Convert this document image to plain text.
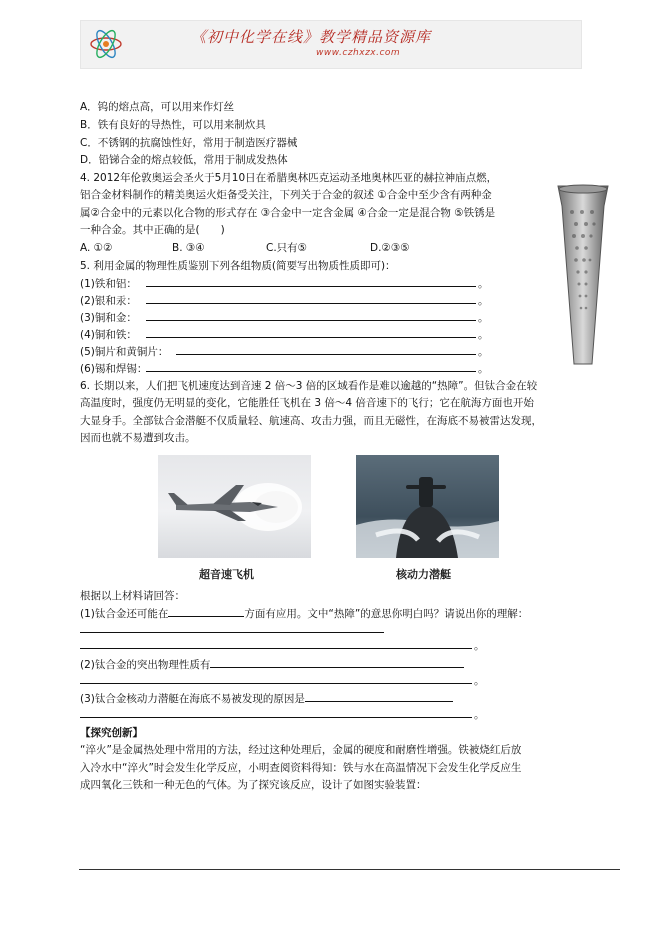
《初中化学在线》教学精品资源库
www.czhxzx.com
A．钨的熔点高，可以用来作灯丝
B．铁有良好的导热性，可以用来制炊具
C．不锈钢的抗腐蚀性好，常用于制造医疗器械
D．铅锑合金的熔点较低，常用于制成发热体
4. 2012年伦敦奥运会圣火于5月10日在希腊奥林匹克运动圣地奥林匹亚的赫拉神庙点燃，
铝合金材料制作的精美奥运火炬备受关注，下列关于合金的叙述 ①合金中至少含有两种金
属②合金中的元素以化合物的形式存在 ③合金中一定含金属 ④合金一定是混合物 ⑤铁锈是
一种合金。其中正确的是(　　)
A. ①②	B. ③④	C.只有⑤	D.②③⑤
5. 利用金属的物理性质鉴别下列各组物质(简要写出物质性质即可)：
(1)铁和铝：	。
(2)银和汞：	。
(3)铜和金：	。
(4)铜和铁：	。
(5)铜片和黄铜片：	。
(6)锡和焊锡：	。
6. 长期以来，人们把飞机速度达到音速 2 倍～3 倍的区域看作是难以逾越的“热障”。但钛合金在较
高温度时，强度仍无明显的变化，它能胜任飞机在 3 倍～4 倍音速下的飞行；它在航海方面也开始
大显身手。全部钛合金潜艇不仅质量轻、航速高、攻击力强，而且无磁性，在海底不易被雷达发现，
因而也就不易遭到攻击。
超音速飞机	核动力潜艇
根据以上材料请回答：
(1)钛合金还可能在	方面有应用。文中“热障”的意思你明白吗？请说出你的理解：
。
(2)钛合金的突出物理性质有
。
(3)钛合金核动力潜艇在海底不易被发现的原因是
。
【探究创新】
“淬火”是金属热处理中常用的方法，经过这种处理后，金属的硬度和耐磨性增强。铁被烧红后放
入冷水中“淬火”时会发生化学反应，小明查阅资料得知：铁与水在高温情况下会发生化学反应生
成四氧化三铁和一种无色的气体。为了探究该反应，设计了如图实验装置：
